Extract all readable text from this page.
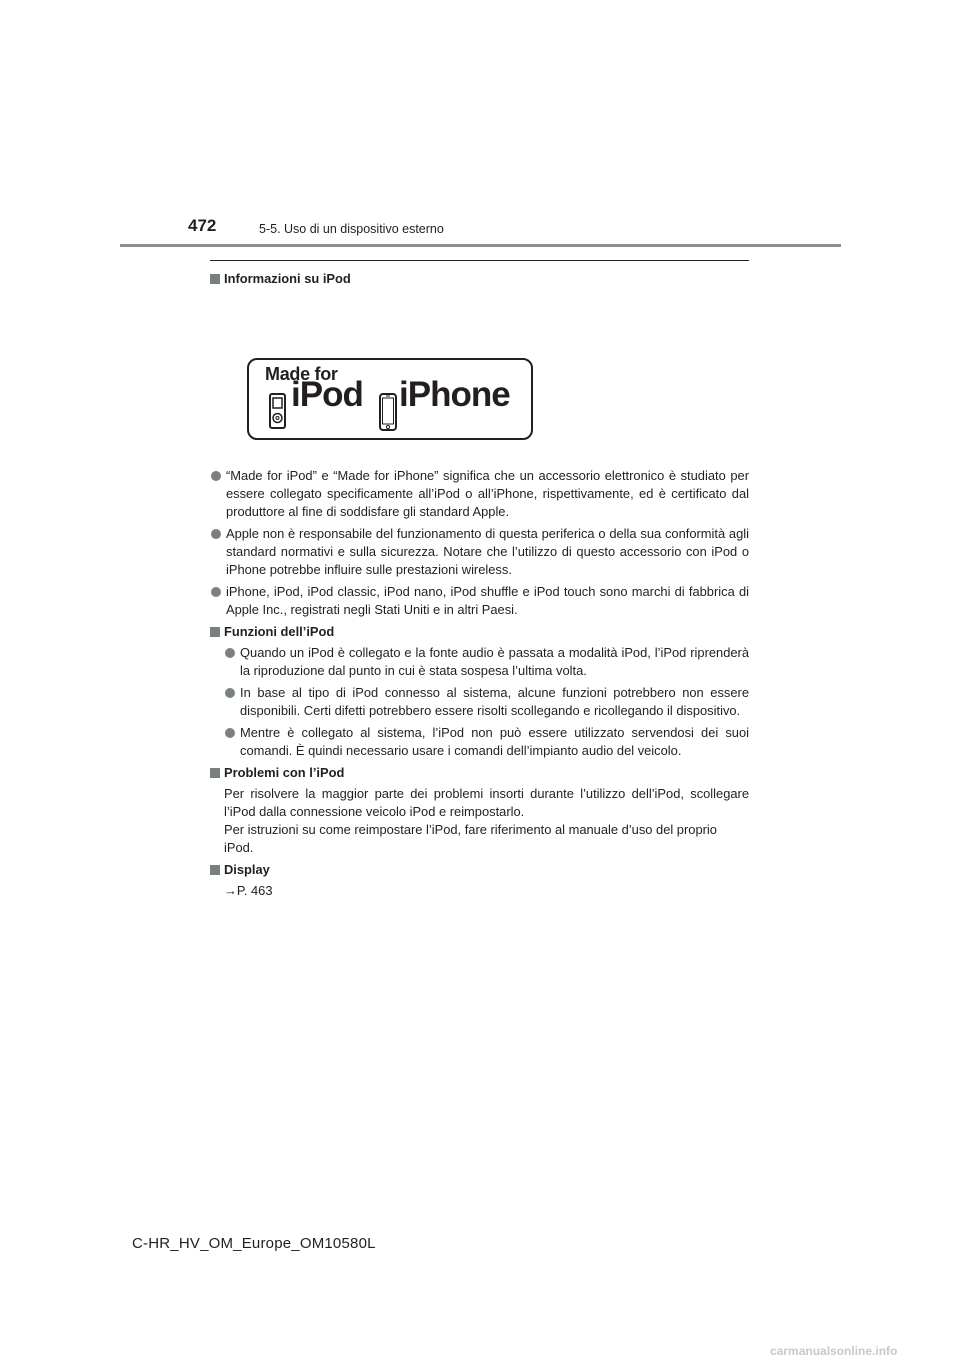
472	5-5. Uso di un dispositivo esterno

Informazioni su iPod

Made for
iPod iPhone

“Made for iPod” e “Made for iPhone” significa che un accessorio elettronico è studiato per essere collegato specificamente all’iPod o all’iPhone, rispettivamente, ed è certificato dal produttore al fine di soddisfare gli standard Apple.

Apple non è responsabile del funzionamento di questa periferica o della sua conformità agli standard normativi e sulla sicurezza. Notare che l’utilizzo di questo accessorio con iPod o iPhone potrebbe influire sulle prestazioni wireless.

iPhone, iPod, iPod classic, iPod nano, iPod shuffle e iPod touch sono marchi di fabbrica di Apple Inc., registrati negli Stati Uniti e in altri Paesi.

Funzioni dell’iPod

Quando un iPod è collegato e la fonte audio è passata a modalità iPod, l’iPod riprenderà la riproduzione dal punto in cui è stata sospesa l’ultima volta.

In base al tipo di iPod connesso al sistema, alcune funzioni potrebbero non essere disponibili. Certi difetti potrebbero essere risolti scollegando e ricollegando il dispositivo.

Mentre è collegato al sistema, l’iPod non può essere utilizzato servendosi dei suoi comandi. È quindi necessario usare i comandi dell’impianto audio del veicolo.

Problemi con l’iPod

Per risolvere la maggior parte dei problemi insorti durante l’utilizzo dell’iPod, scollegare l’iPod dalla connessione veicolo iPod e reimpostarlo.

Per istruzioni su come reimpostare l’iPod, fare riferimento al manuale d’uso del proprio iPod.

Display

→P. 463

C-HR_HV_OM_Europe_OM10580L
carmanualsonline.info
